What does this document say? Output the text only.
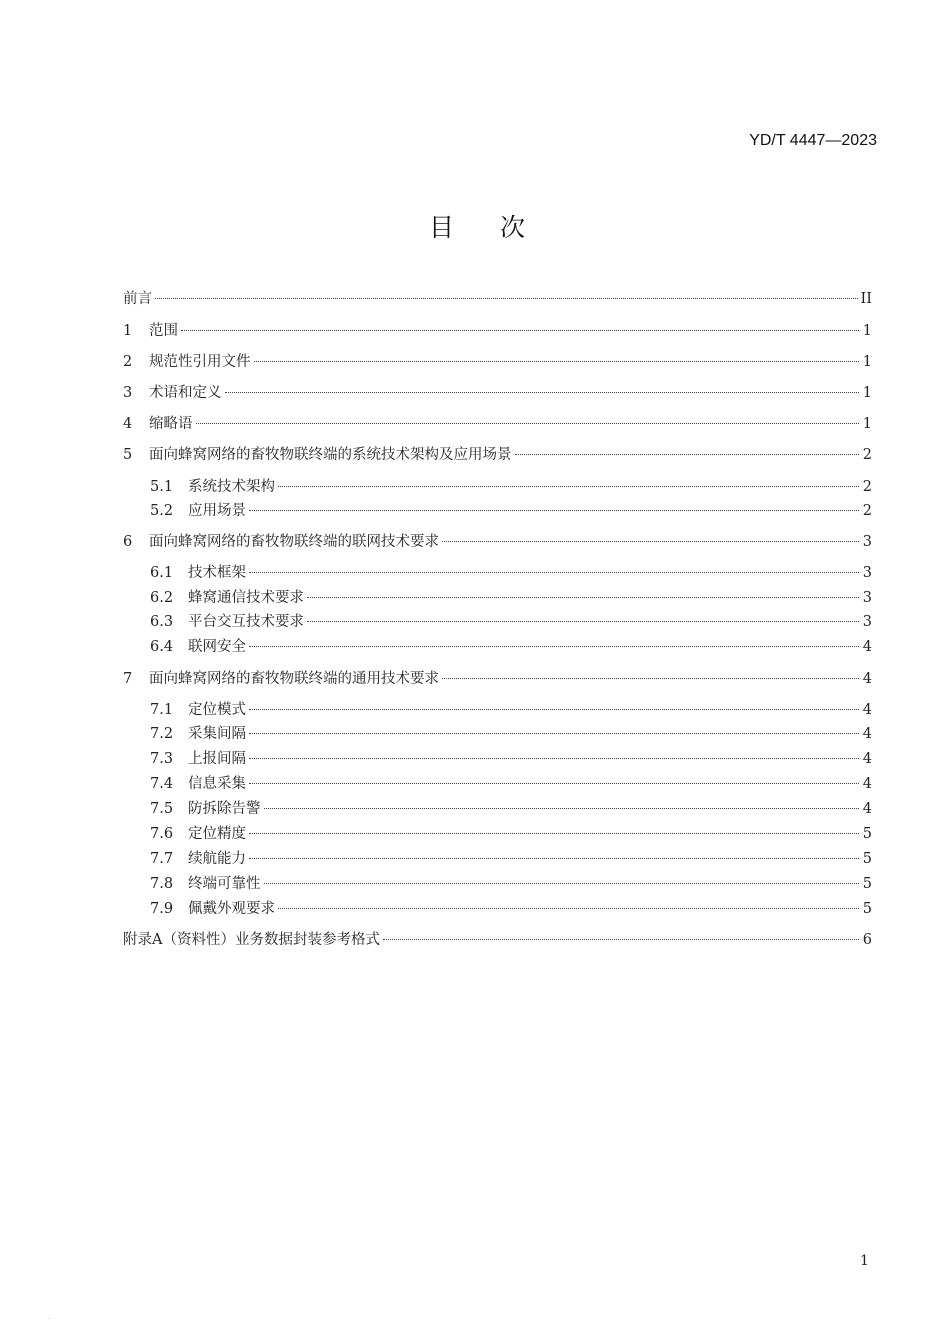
YD/T 4447—2023
目次
前言	II
1	范围	1
2	规范性引用文件	1
3	术语和定义	1
4	缩略语	1
5	面向蜂窝网络的畜牧物联终端的系统技术架构及应用场景	2
5.1	系统技术架构	2
5.2	应用场景	2
6	面向蜂窝网络的畜牧物联终端的联网技术要求	3
6.1	技术框架	3
6.2	蜂窝通信技术要求	3
6.3	平台交互技术要求	3
6.4	联网安全	4
7	面向蜂窝网络的畜牧物联终端的通用技术要求	4
7.1	定位模式	4
7.2	采集间隔	4
7.3	上报间隔	4
7.4	信息采集	4
7.5	防拆除告警	4
7.6	定位精度	5
7.7	续航能力	5
7.8	终端可靠性	5
7.9	佩戴外观要求	5
附录A（资料性）业务数据封装参考格式	6
1
·
